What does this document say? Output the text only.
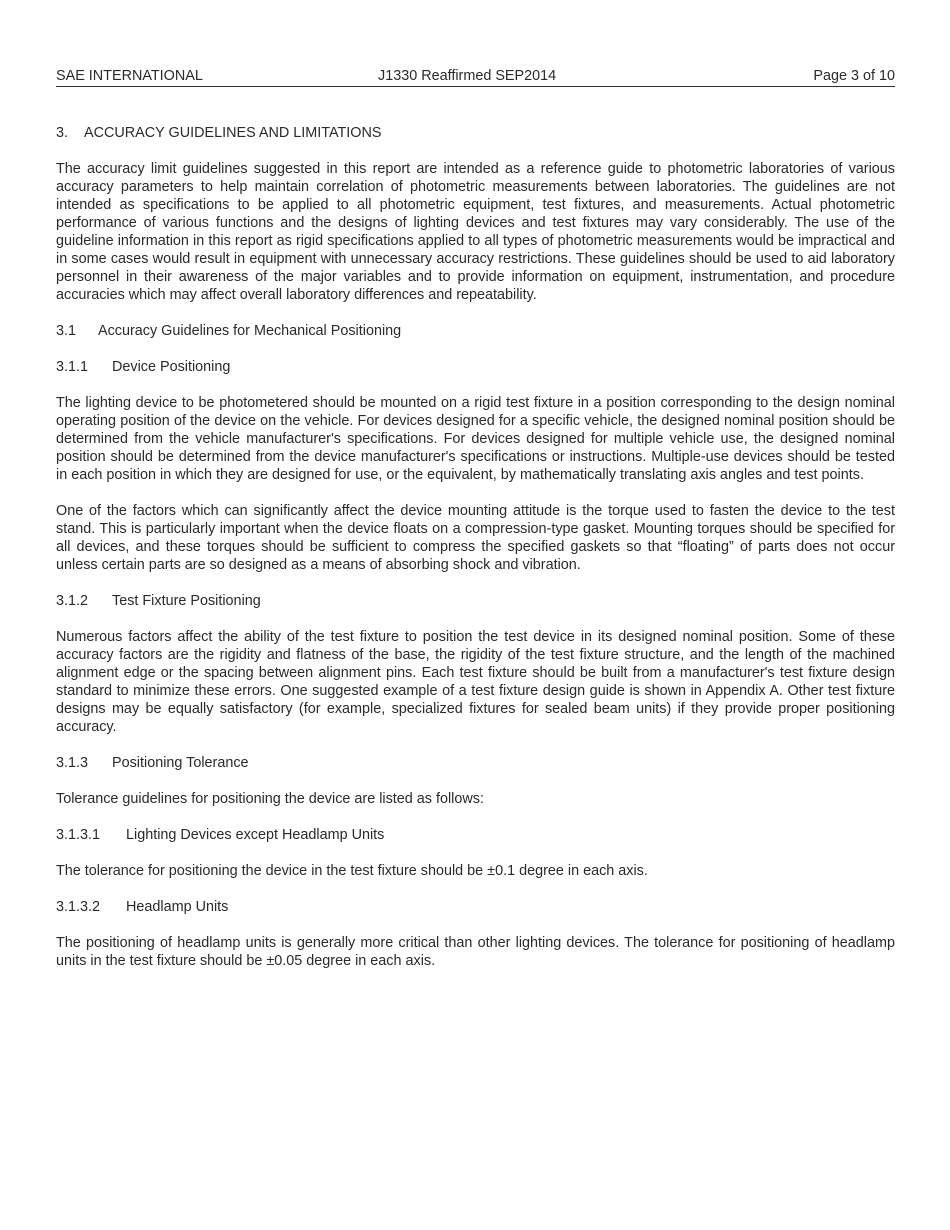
SAE INTERNATIONAL	J1330 Reaffirmed SEP2014	Page 3 of 10
3. ACCURACY GUIDELINES AND LIMITATIONS

The accuracy limit guidelines suggested in this report are intended as a reference guide to photometric laboratories of various accuracy parameters to help maintain correlation of photometric measurements between laboratories. The guidelines are not intended as specifications to be applied to all photometric equipment, test fixtures, and measurements. Actual photometric performance of various functions and the designs of lighting devices and test fixtures may vary considerably. The use of the guideline information in this report as rigid specifications applied to all types of photometric measurements would be impractical and in some cases would result in equipment with unnecessary accuracy restrictions. These guidelines should be used to aid laboratory personnel in their awareness of the major variables and to provide information on equipment, instrumentation, and procedure accuracies which may affect overall laboratory differences and repeatability.

3.1 Accuracy Guidelines for Mechanical Positioning
3.1.1 Device Positioning

The lighting device to be photometered should be mounted on a rigid test fixture in a position corresponding to the design nominal operating position of the device on the vehicle. For devices designed for a specific vehicle, the designed nominal position should be determined from the vehicle manufacturer's specifications. For devices designed for multiple vehicle use, the designed nominal position should be determined from the device manufacturer's specifications or instructions. Multiple-use devices should be tested in each position in which they are designed for use, or the equivalent, by mathematically translating axis angles and test points.

One of the factors which can significantly affect the device mounting attitude is the torque used to fasten the device to the test stand. This is particularly important when the device floats on a compression-type gasket. Mounting torques should be specified for all devices, and these torques should be sufficient to compress the specified gaskets so that “floating” of parts does not occur unless certain parts are so designed as a means of absorbing shock and vibration.

3.1.2 Test Fixture Positioning

Numerous factors affect the ability of the test fixture to position the test device in its designed nominal position. Some of these accuracy factors are the rigidity and flatness of the base, the rigidity of the test fixture structure, and the length of the machined alignment edge or the spacing between alignment pins. Each test fixture should be built from a manufacturer's test fixture design standard to minimize these errors. One suggested example of a test fixture design guide is shown in Appendix A. Other test fixture designs may be equally satisfactory (for example, specialized fixtures for sealed beam units) if they provide proper positioning accuracy.

3.1.3 Positioning Tolerance

Tolerance guidelines for positioning the device are listed as follows:

3.1.3.1 Lighting Devices except Headlamp Units

The tolerance for positioning the device in the test fixture should be ±0.1 degree in each axis.

3.1.3.2 Headlamp Units

The positioning of headlamp units is generally more critical than other lighting devices. The tolerance for positioning of headlamp units in the test fixture should be ±0.05 degree in each axis.
